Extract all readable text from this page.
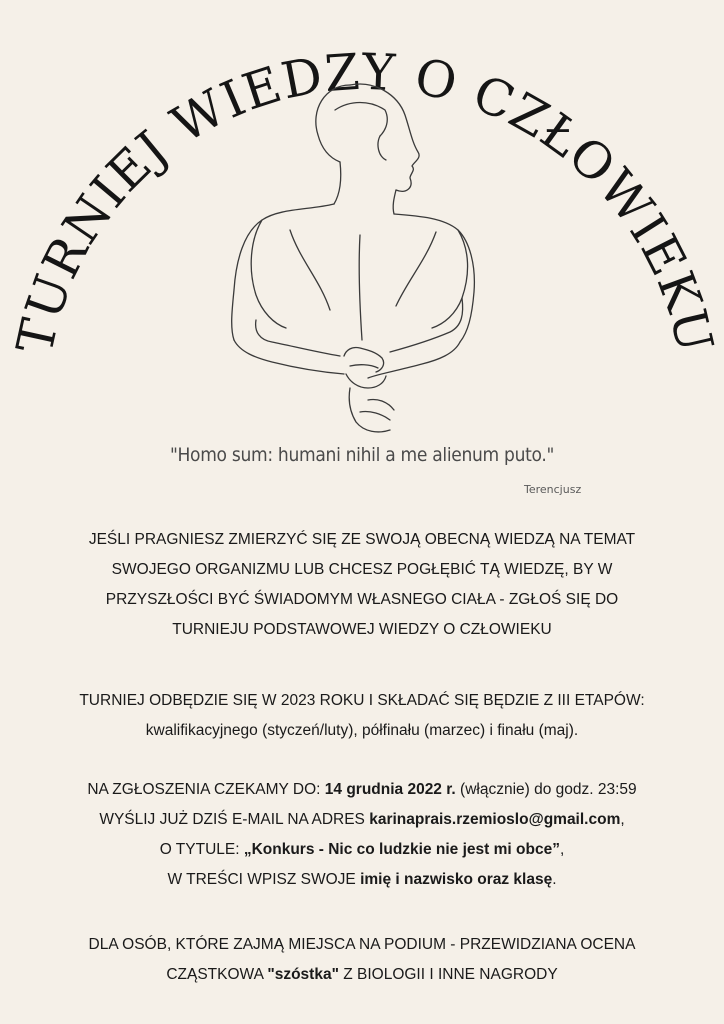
TURNIEJ WIEDZY O CZŁOWIEKU
"Homo sum: humani nihil a me alienum puto."
Terencjusz
JEŚLI PRAGNIESZ ZMIERZYĆ SIĘ ZE SWOJĄ OBECNĄ WIEDZĄ NA TEMAT
SWOJEGO ORGANIZMU LUB CHCESZ POGŁĘBIĆ TĄ WIEDZĘ, BY W
PRZYSZŁOŚCI BYĆ ŚWIADOMYM WŁASNEGO CIAŁA - ZGŁOŚ SIĘ DO
TURNIEJU PODSTAWOWEJ WIEDZY O CZŁOWIEKU
TURNIEJ ODBĘDZIE SIĘ W 2023 ROKU I SKŁADAĆ SIĘ BĘDZIE Z III ETAPÓW:
kwalifikacyjnego (styczeń/luty), półfinału (marzec) i finału (maj).
NA ZGŁOSZENIA CZEKAMY DO: 14 grudnia 2022 r. (włącznie) do godz. 23:59
WYŚLIJ JUŻ DZIŚ E-MAIL NA ADRES karinaprais.rzemioslo@gmail.com,
O TYTULE: „Konkurs - Nic co ludzkie nie jest mi obce”,
W TREŚCI WPISZ SWOJE imię i nazwisko oraz klasę.
DLA OSÓB, KTÓRE ZAJMĄ MIEJSCA NA PODIUM - PRZEWIDZIANA OCENA
CZĄSTKOWA "szóstka" Z BIOLOGII I INNE NAGRODY
